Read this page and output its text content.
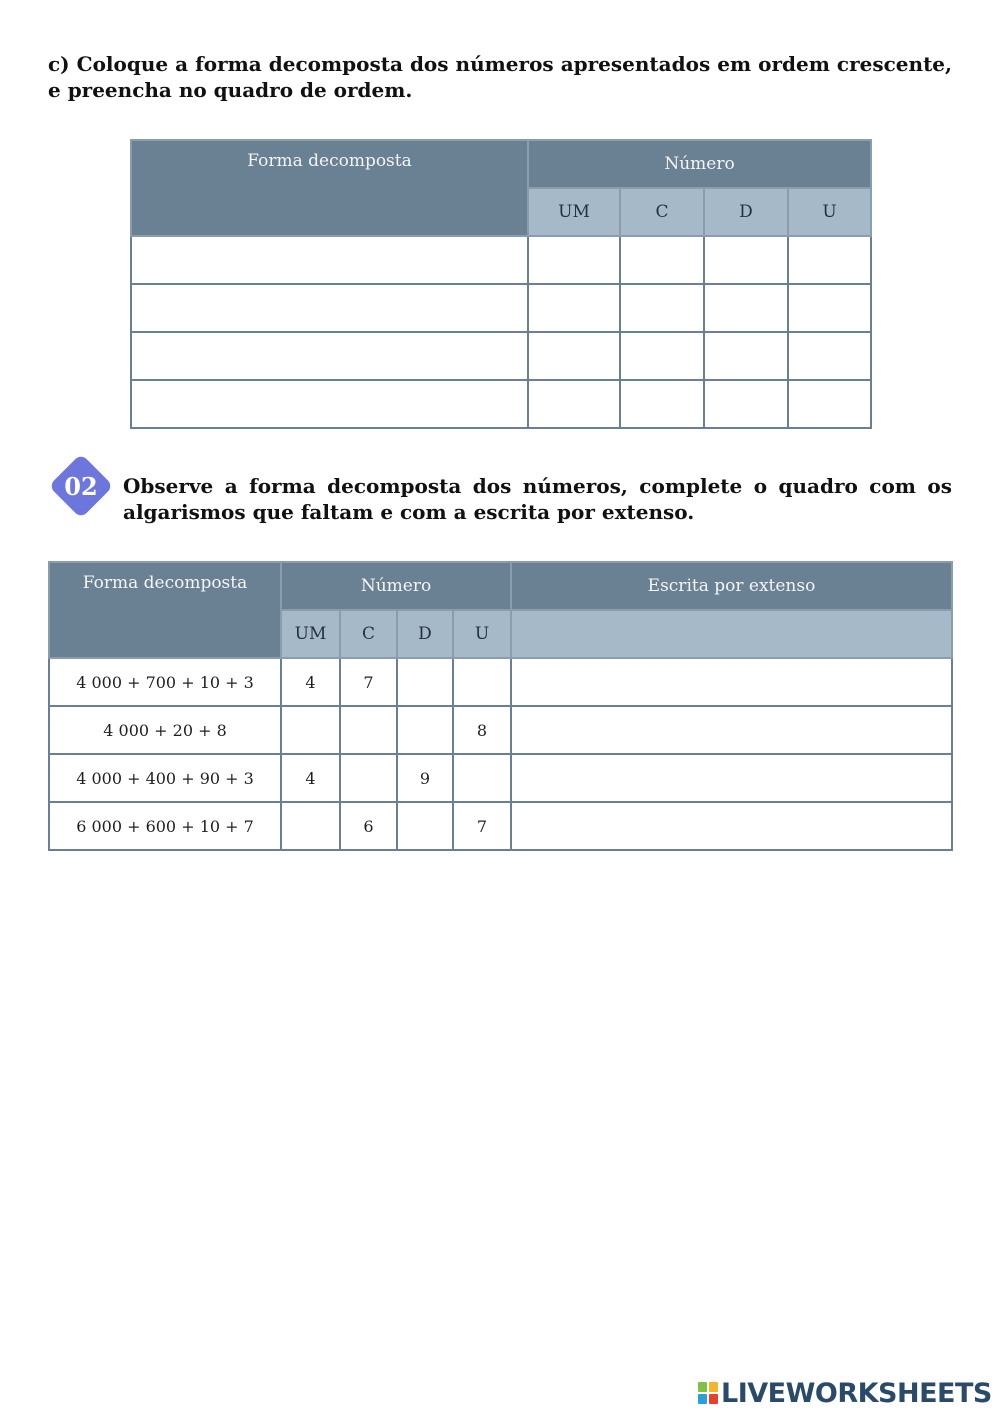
c) Coloque a forma decomposta dos números apresentados em ordem crescente, e preencha no quadro de ordem.

Forma decomposta	Número			
	UM	C	D	U

02	Observe a forma decomposta dos números, complete o quadro com os algarismos que faltam e com a escrita por extenso.

Forma decomposta	Número				Escrita por extenso
	UM	C	D	U	
4 000 + 700 + 10 + 3	4	7			
4 000 + 20 + 8				8	
4 000 + 400 + 90 + 3	4		9		
6 000 + 600 + 10 + 7		6		7	
LIVEWORKSHEETS
